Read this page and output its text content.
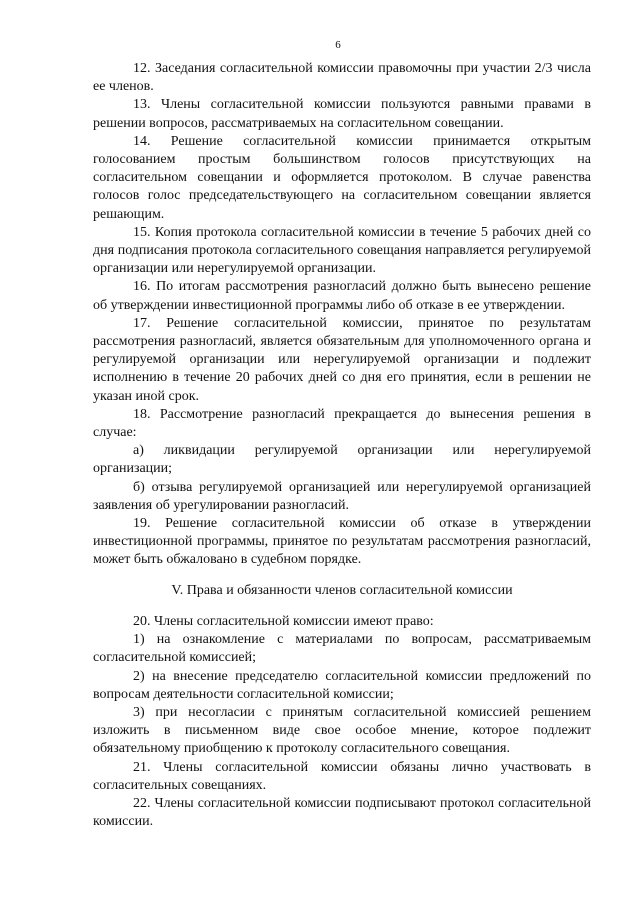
6

12. Заседания согласительной комиссии правомочны при участии 2/3 числа ее членов.

13. Члены согласительной комиссии пользуются равными правами в решении вопросов, рассматриваемых на согласительном совещании.

14. Решение согласительной комиссии принимается открытым голосованием простым большинством голосов присутствующих на согласительном совещании и оформляется протоколом. В случае равенства голосов голос председательствующего на согласительном совещании является решающим.

15. Копия протокола согласительной комиссии в течение 5 рабочих дней со дня подписания протокола согласительного совещания направляется регулируемой организации или нерегулируемой организации.

16. По итогам рассмотрения разногласий должно быть вынесено решение об утверждении инвестиционной программы либо об отказе в ее утверждении.

17. Решение согласительной комиссии, принятое по результатам рассмотрения разногласий, является обязательным для уполномоченного органа и регулируемой организации или нерегулируемой организации и подлежит исполнению в течение 20 рабочих дней со дня его принятия, если в решении не указан иной срок.

18. Рассмотрение разногласий прекращается до вынесения решения в случае:

а) ликвидации регулируемой организации или нерегулируемой организации;

б) отзыва регулируемой организацией или нерегулируемой организацией заявления об урегулировании разногласий.

19. Решение согласительной комиссии об отказе в утверждении инвестиционной программы, принятое по результатам рассмотрения разногласий, может быть обжаловано в судебном порядке.

V. Права и обязанности членов согласительной комиссии

20. Члены согласительной комиссии имеют право:

1) на ознакомление с материалами по вопросам, рассматриваемым согласительной комиссией;

2) на внесение председателю согласительной комиссии предложений по вопросам деятельности согласительной комиссии;

3) при несогласии с принятым согласительной комиссией решением изложить в письменном виде свое особое мнение, которое подлежит обязательному приобщению к протоколу согласительного совещания.

21. Члены согласительной комиссии обязаны лично участвовать в согласительных совещаниях.

22. Члены согласительной комиссии подписывают протокол согласительной комиссии.
